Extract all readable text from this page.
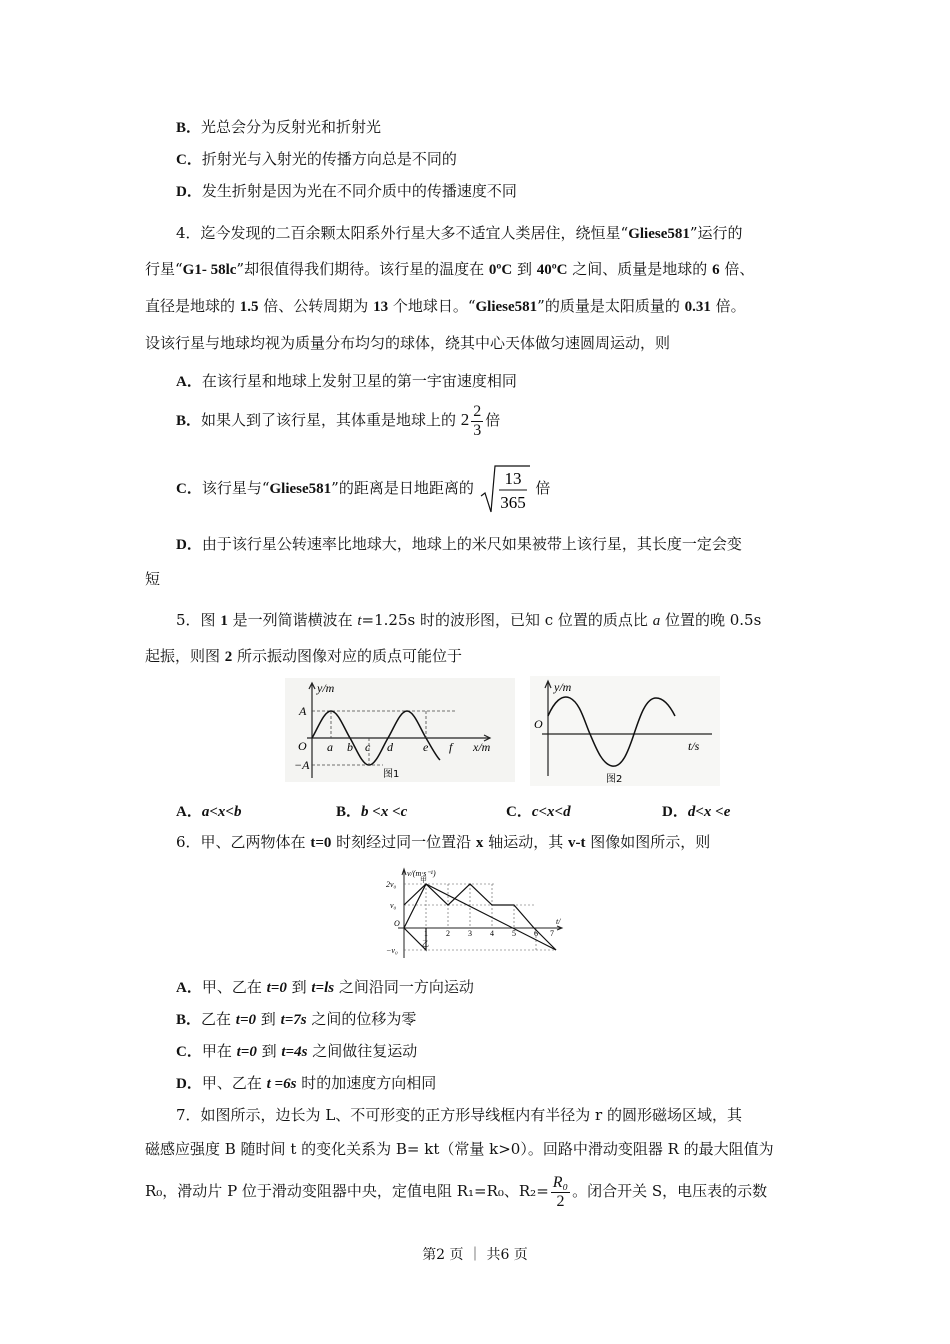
B．光总会分为反射光和折射光
C．折射光与入射光的传播方向总是不同的
D．发生折射是因为光在不同介质中的传播速度不同
4．迄今发现的二百余颗太阳系外行星大多不适宜人类居住，绕恒星“Gliese581”运行的
行星“G1- 58lc”却很值得我们期待。该行星的温度在 0ºC 到 40ºC 之间、质量是地球的 6 倍、
直径是地球的 1.5 倍、公转周期为 13 个地球日。“Gliese581”的质量是太阳质量的 0.31 倍。
设该行星与地球均视为质量分布均匀的球体，绕其中心天体做匀速圆周运动，则
A．在该行星和地球上发射卫星的第一宇宙速度相同
B．如果人到了该行星，其体重是地球上的 $2 \frac{2}{3}$ 倍
C．该行星与“Gliese581”的距离是日地距离的
13
365
倍
D．由于该行星公转速率比地球大，地球上的米尺如果被带上该行星，其长度一定会变
短
5．图 1 是一列简谐横波在 t=1.25s 时的波形图，已知 c 位置的质点比 a 位置的晚 0.5s
起振，则图 2 所示振动图像对应的质点可能位于
y/m
A
−A
O a b c d	e f x/m
图1
y/m
O
t/s
图2
A．a<x<b	B．b <x <c	C．c<x<d	D．d<x <e
6．甲、乙两物体在 t=0 时刻经过同一位置沿 x 轴运动，其 v-t 图像如图所示，则
v/(m·s⁻¹)
2v₀
v₀
−v₀
O
1 2 3 4 5 6 7
t/
甲
乙
A．甲、乙在 t=0 到 t=ls 之间沿同一方向运动
B．乙在 t=0 到 t=7s 之间的位移为零
C．甲在 t=0 到 t=4s 之间做往复运动
D．甲、乙在 t =6s 时的加速度方向相同
7．如图所示，边长为 L、不可形变的正方形导线框内有半径为 r 的圆形磁场区域，其
磁感应强度 B 随时间 t 的变化关系为 B= kt（常量 k>0）。回路中滑动变阻器 R 的最大阻值为
R₀，滑动片 P 位于滑动变阻器中央，定值电阻 R₁=R₀、$R_2= \frac{\text{R₀}}{2}$ 。闭合开关 S，电压表的示数
第2 页 ｜ 共6 页
